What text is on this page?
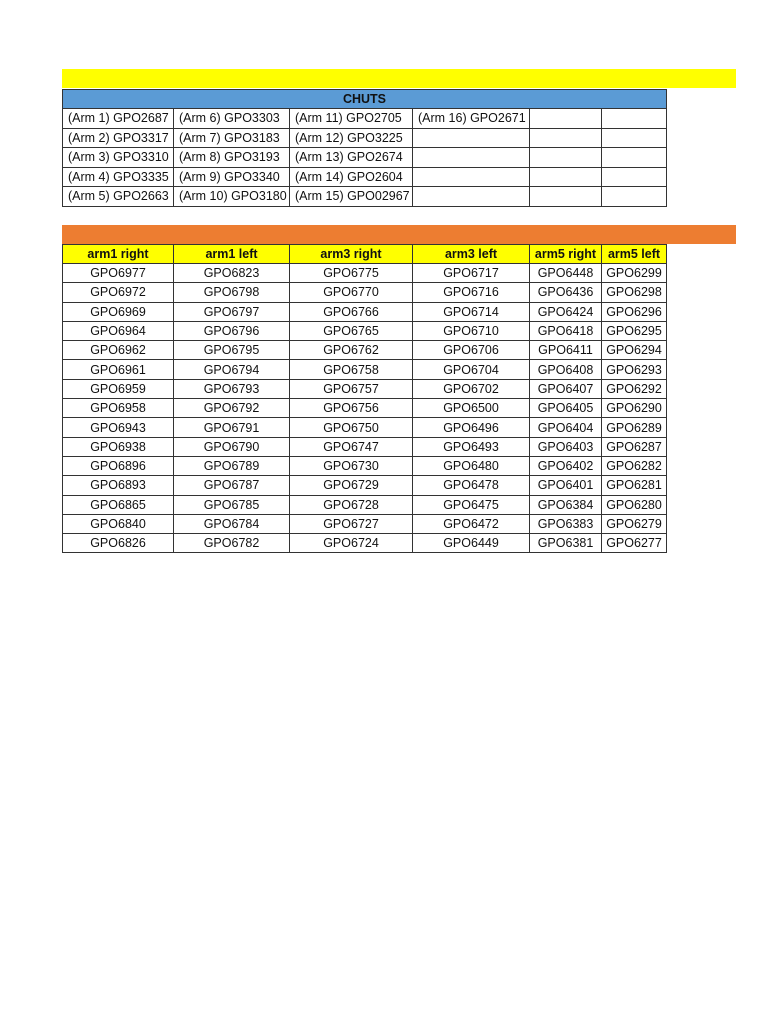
CHUTS					
(Arm 1) GPO2687	(Arm 6) GPO3303	(Arm 11) GPO2705	(Arm 16) GPO2671		
(Arm 2) GPO3317	(Arm 7) GPO3183	(Arm 12) GPO3225			
(Arm 3) GPO3310	(Arm 8) GPO3193	(Arm 13) GPO2674			
(Arm 4) GPO3335	(Arm 9) GPO3340	(Arm 14) GPO2604			
(Arm 5) GPO2663	(Arm 10) GPO3180	(Arm 15) GPO02967			
arm1 right	arm1 left	arm3 right	arm3 left	arm5 right	arm5 left
GPO6977	GPO6823	GPO6775	GPO6717	GPO6448	GPO6299
GPO6972	GPO6798	GPO6770	GPO6716	GPO6436	GPO6298
GPO6969	GPO6797	GPO6766	GPO6714	GPO6424	GPO6296
GPO6964	GPO6796	GPO6765	GPO6710	GPO6418	GPO6295
GPO6962	GPO6795	GPO6762	GPO6706	GPO6411	GPO6294
GPO6961	GPO6794	GPO6758	GPO6704	GPO6408	GPO6293
GPO6959	GPO6793	GPO6757	GPO6702	GPO6407	GPO6292
GPO6958	GPO6792	GPO6756	GPO6500	GPO6405	GPO6290
GPO6943	GPO6791	GPO6750	GPO6496	GPO6404	GPO6289
GPO6938	GPO6790	GPO6747	GPO6493	GPO6403	GPO6287
GPO6896	GPO6789	GPO6730	GPO6480	GPO6402	GPO6282
GPO6893	GPO6787	GPO6729	GPO6478	GPO6401	GPO6281
GPO6865	GPO6785	GPO6728	GPO6475	GPO6384	GPO6280
GPO6840	GPO6784	GPO6727	GPO6472	GPO6383	GPO6279
GPO6826	GPO6782	GPO6724	GPO6449	GPO6381	GPO6277
